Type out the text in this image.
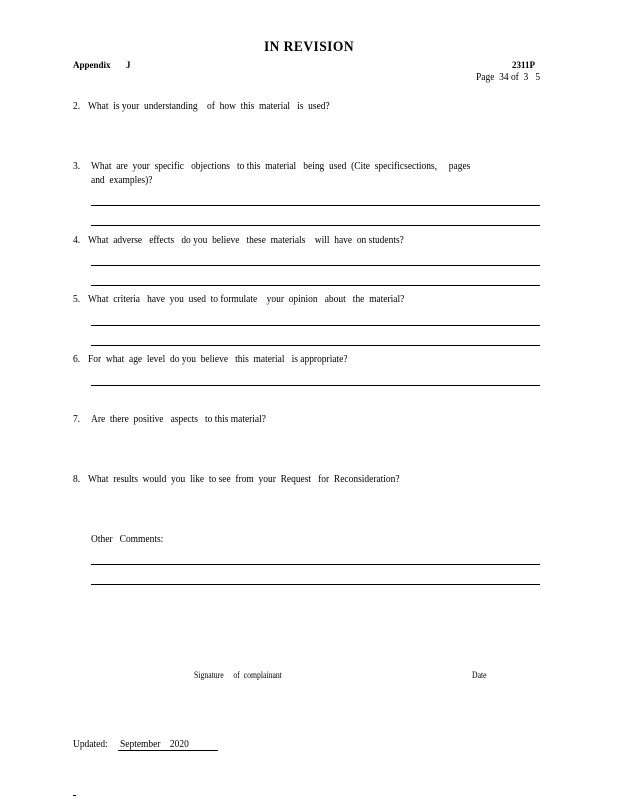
IN REVISION
Appendix J	2311P
Page  34 of  3   5
2. What  is your  understanding    of  how  this  material   is  used?
3. What  are  your  specific   objections   to this  material   being  used  (Cite  specificsections,     pages
and  examples)?
4. What  adverse   effects   do you  believe   these  materials    will  have  on students?
5. What  criteria   have  you  used  to formulate    your  opinion   about   the  material?
6. For  what  age  level  do you  believe   this  material   is appropriate?
7. Are  there  positive   aspects   to this material?
8. What  results  would  you  like  to see  from  your  Request   for  Reconsideration?
Other   Comments:
Signature     of  complainant	Date
Updated: September    2020
